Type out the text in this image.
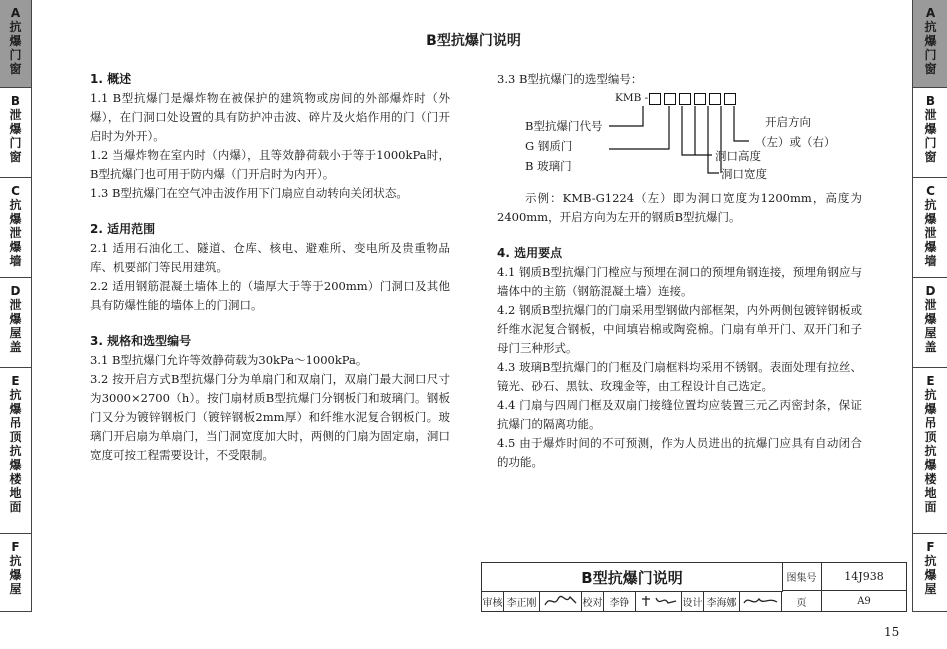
A
抗
爆
门
窗
B
泄
爆
门
窗
C
抗
爆
泄
爆
墙
D
泄
爆
屋
盖
E
抗
爆
吊
顶
抗
爆
楼
地
面
F
抗
爆
屋
A
抗
爆
门
窗
B
泄
爆
门
窗
C
抗
爆
泄
爆
墙
D
泄
爆
屋
盖
E
抗
爆
吊
顶
抗
爆
楼
地
面
F
抗
爆
屋
B型抗爆门说明
1. 概述

1.1 B型抗爆门是爆炸物在被保护的建筑物或房间的外部爆炸时（外爆），在门洞口处设置的具有防护冲击波、碎片及火焰作用的门（门开启时为外开）。

1.2 当爆炸物在室内时（内爆），且等效静荷载小于等于1000kPa时，B型抗爆门也可用于防内爆（门开启时为内开）。

1.3 B型抗爆门在空气冲击波作用下门扇应自动转向关闭状态。

2. 适用范围

2.1 适用石油化工、隧道、仓库、核电、避难所、变电所及贵重物品库、机要部门等民用建筑。

2.2 适用钢筋混凝土墙体上的（墙厚大于等于200mm）门洞口及其他具有防爆性能的墙体上的门洞口。

3. 规格和选型编号

3.1 B型抗爆门允许等效静荷载为30kPa～1000kPa。

3.2 按开启方式B型抗爆门分为单扇门和双扇门，双扇门最大洞口尺寸为3000×2700（h）。按门扇材质B型抗爆门分钢板门和玻璃门。钢板门又分为镀锌钢板门（镀锌钢板2mm厚）和纤维水泥复合钢板门。玻璃门开启扇为单扇门，当门洞宽度加大时，两侧的门扇为固定扇，洞口宽度可按工程需要设计，不受限制。

3.3 B型抗爆门的选型编号：
KMB -
B型抗爆门代号
G 钢质门
B 玻璃门
洞口高度
洞口宽度
开启方向
（左）或（右）

示例：KMB-G1224（左）即为洞口宽度为1200mm，高度为2400mm，开启方向为左开的钢质B型抗爆门。

4. 选用要点

4.1 钢质B型抗爆门门樘应与预埋在洞口的预埋角钢连接，预埋角钢应与墙体中的主筋（钢筋混凝土墙）连接。

4.2 钢质B型抗爆门的门扇采用型钢做内部框架，内外两侧包镀锌钢板或纤维水泥复合钢板，中间填岩棉或陶瓷棉。门扇有单开门、双开门和子母门三种形式。

4.3 玻璃B型抗爆门的门框及门扇框料均采用不锈钢。表面处理有拉丝、镜光、砂石、黑钛、玫瑰金等，由工程设计自己选定。

4.4 门扇与四周门框及双扇门接缝位置均应装置三元乙丙密封条，保证抗爆门的隔离功能。

4.5 由于爆炸时间的不可预测，作为人员进出的抗爆门应具有自动闭合的功能。

B型抗爆门说明	图集号	14J938
页	A9
审核 李正刚	校对 李铮	设计 李海娜
15
